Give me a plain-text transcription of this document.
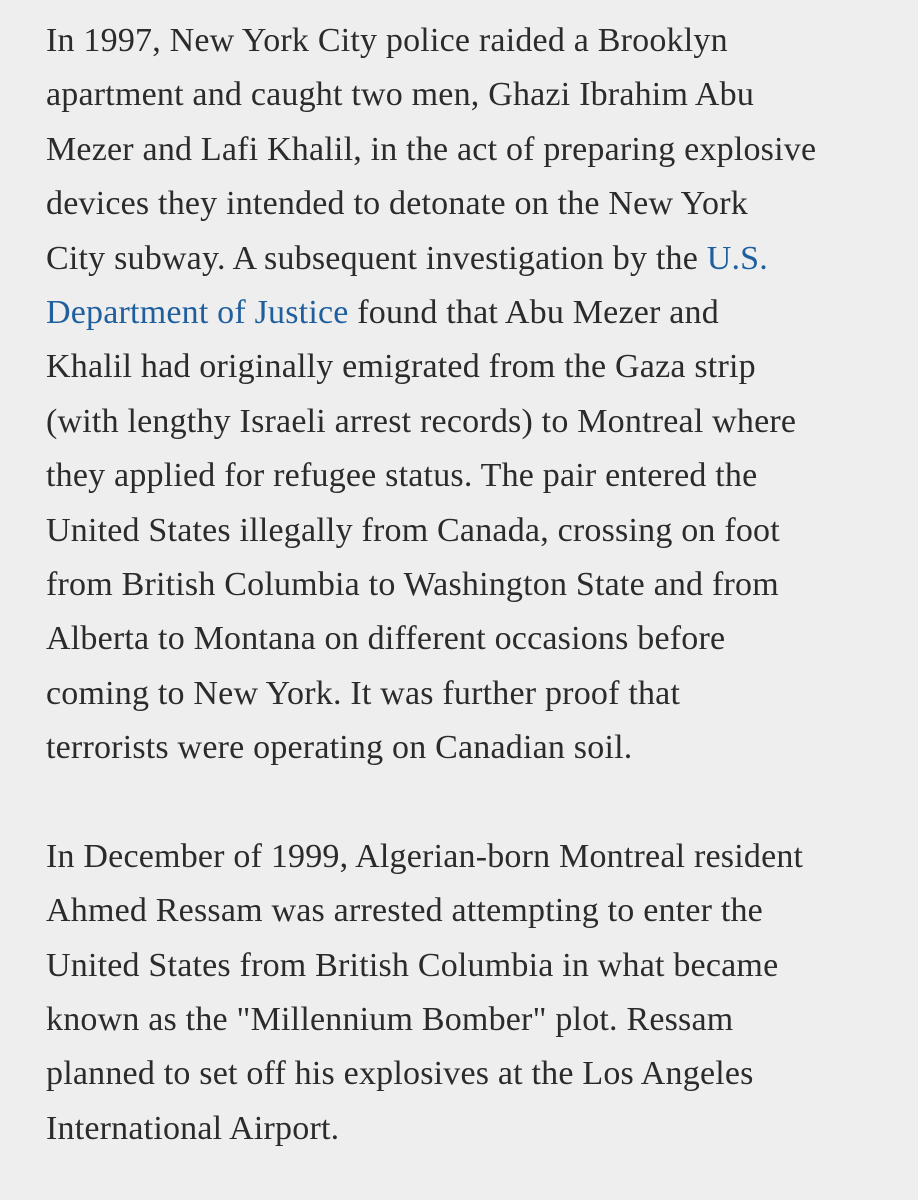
In 1997, New York City police raided a Brooklyn
apartment and caught two men, Ghazi Ibrahim Abu
Mezer and Lafi Khalil, in the act of preparing explosive
devices they intended to detonate on the New York
City subway. A subsequent investigation by the U.S.
Department of Justice found that Abu Mezer and
Khalil had originally emigrated from the Gaza strip
(with lengthy Israeli arrest records) to Montreal where
they applied for refugee status. The pair entered the
United States illegally from Canada, crossing on foot
from British Columbia to Washington State and from
Alberta to Montana on different occasions before
coming to New York. It was further proof that
terrorists were operating on Canadian soil.

In December of 1999, Algerian-born Montreal resident
Ahmed Ressam was arrested attempting to enter the
United States from British Columbia in what became
known as the "Millennium Bomber" plot. Ressam
planned to set off his explosives at the Los Angeles
International Airport.
